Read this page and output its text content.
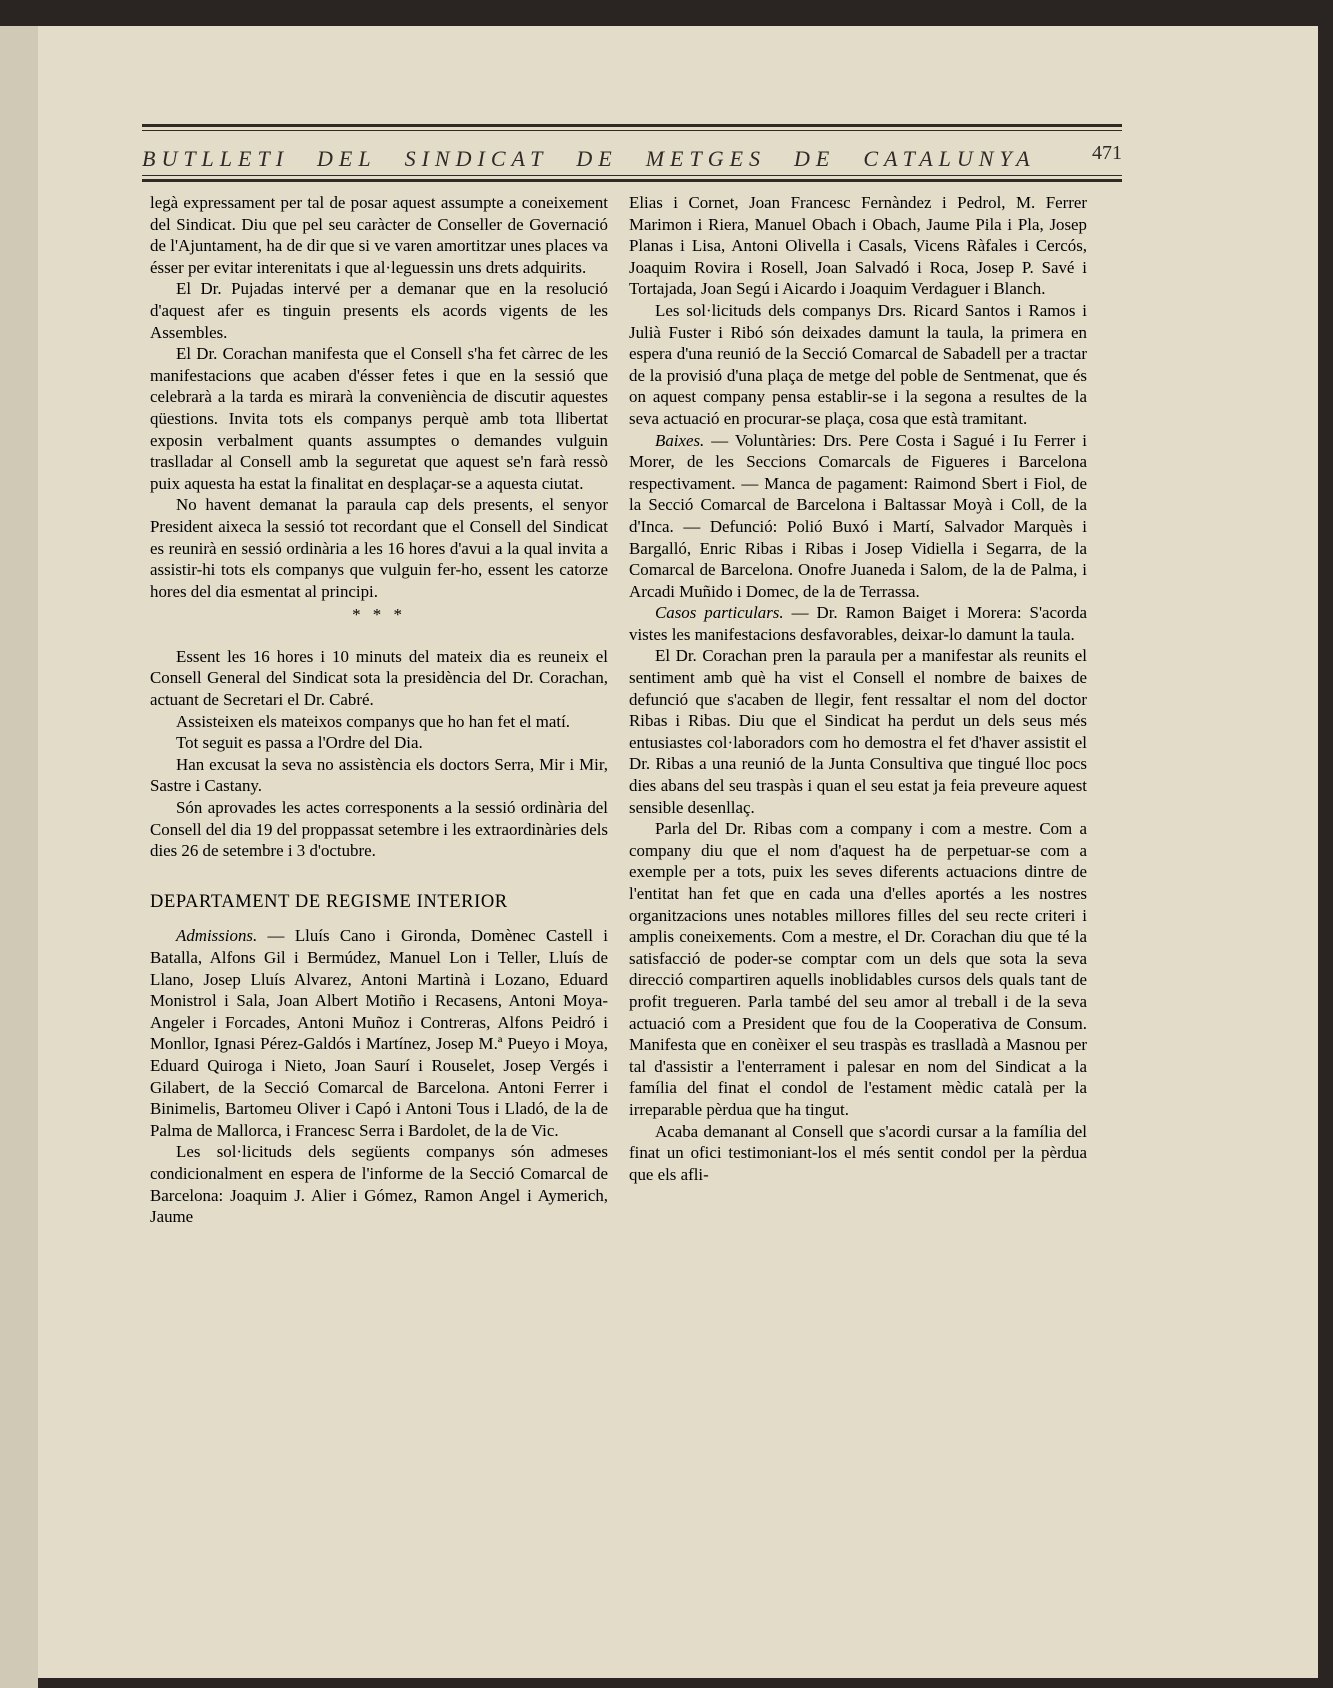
BUTLLETI DEL SINDICAT DE METGES DE CATALUNYA	471

legà expressament per tal de posar aquest assumpte a coneixement del Sindicat. Diu que pel seu caràcter de Conseller de Governació de l'Ajuntament, ha de dir que si ve varen amortitzar unes places va ésser per evitar interenitats i que al·leguessin uns drets adquirits.

El Dr. Pujadas intervé per a demanar que en la resolució d'aquest afer es tinguin presents els acords vigents de les Assembles.

El Dr. Corachan manifesta que el Consell s'ha fet càrrec de les manifestacions que acaben d'ésser fetes i que en la sessió que celebrarà a la tarda es mirarà la conveniència de discutir aquestes qüestions. Invita tots els companys perquè amb tota llibertat exposin verbalment quants assumptes o demandes vulguin traslladar al Consell amb la seguretat que aquest se'n farà ressò puix aquesta ha estat la finalitat en desplaçar-se a aquesta ciutat.

No havent demanat la paraula cap dels presents, el senyor President aixeca la sessió tot recordant que el Consell del Sindicat es reunirà en sessió ordinària a les 16 hores d'avui a la qual invita a assistir-hi tots els companys que vulguin fer-ho, essent les catorze hores del dia esmentat al principi.

* * *

Essent les 16 hores i 10 minuts del mateix dia es reuneix el Consell General del Sindicat sota la presidència del Dr. Corachan, actuant de Secretari el Dr. Cabré.

Assisteixen els mateixos companys que ho han fet el matí.

Tot seguit es passa a l'Ordre del Dia.

Han excusat la seva no assistència els doctors Serra, Mir i Mir, Sastre i Castany.

Són aprovades les actes corresponents a la sessió ordinària del Consell del dia 19 del proppassat setembre i les extraordinàries dels dies 26 de setembre i 3 d'octubre.

DEPARTAMENT DE REGISME INTERIOR

Admissions. — Lluís Cano i Gironda, Domènec Castell i Batalla, Alfons Gil i Bermúdez, Manuel Lon i Teller, Lluís de Llano, Josep Lluís Alvarez, Antoni Martinà i Lozano, Eduard Monistrol i Sala, Joan Albert Motiño i Recasens, Antoni Moya-Angeler i Forcades, Antoni Muñoz i Contreras, Alfons Peidró i Monllor, Ignasi Pérez-Galdós i Martínez, Josep M.ª Pueyo i Moya, Eduard Quiroga i Nieto, Joan Saurí i Rouselet, Josep Vergés i Gilabert, de la Secció Comarcal de Barcelona. Antoni Ferrer i Binimelis, Bartomeu Oliver i Capó i Antoni Tous i Lladó, de la de Palma de Mallorca, i Francesc Serra i Bardolet, de la de Vic.

Les sol·licituds dels següents companys són admeses condicionalment en espera de l'informe de la Secció Comarcal de Barcelona: Joaquim J. Alier i Gómez, Ramon Angel i Aymerich, Jaume

Elias i Cornet, Joan Francesc Fernàndez i Pedrol, M. Ferrer Marimon i Riera, Manuel Obach i Obach, Jaume Pila i Pla, Josep Planas i Lisa, Antoni Olivella i Casals, Vicens Ràfales i Cercós, Joaquim Rovira i Rosell, Joan Salvadó i Roca, Josep P. Savé i Tortajada, Joan Segú i Aicardo i Joaquim Verdaguer i Blanch.

Les sol·licituds dels companys Drs. Ricard Santos i Ramos i Julià Fuster i Ribó són deixades damunt la taula, la primera en espera d'una reunió de la Secció Comarcal de Sabadell per a tractar de la provisió d'una plaça de metge del poble de Sentmenat, que és on aquest company pensa establir-se i la segona a resultes de la seva actuació en procurar-se plaça, cosa que està tramitant.

Baixes. — Voluntàries: Drs. Pere Costa i Sagué i Iu Ferrer i Morer, de les Seccions Comarcals de Figueres i Barcelona respectivament. — Manca de pagament: Raimond Sbert i Fiol, de la Secció Comarcal de Barcelona i Baltassar Moyà i Coll, de la d'Inca. — Defunció: Polió Buxó i Martí, Salvador Marquès i Bargalló, Enric Ribas i Ribas i Josep Vidiella i Segarra, de la Comarcal de Barcelona. Onofre Juaneda i Salom, de la de Palma, i Arcadi Muñido i Domec, de la de Terrassa.

Casos particulars. — Dr. Ramon Baiget i Morera: S'acorda vistes les manifestacions desfavorables, deixar-lo damunt la taula.

El Dr. Corachan pren la paraula per a manifestar als reunits el sentiment amb què ha vist el Consell el nombre de baixes de defunció que s'acaben de llegir, fent ressaltar el nom del doctor Ribas i Ribas. Diu que el Sindicat ha perdut un dels seus més entusiastes col·laboradors com ho demostra el fet d'haver assistit el Dr. Ribas a una reunió de la Junta Consultiva que tingué lloc pocs dies abans del seu traspàs i quan el seu estat ja feia preveure aquest sensible desenllaç.

Parla del Dr. Ribas com a company i com a mestre. Com a company diu que el nom d'aquest ha de perpetuar-se com a exemple per a tots, puix les seves diferents actuacions dintre de l'entitat han fet que en cada una d'elles aportés a les nostres organitzacions unes notables millores filles del seu recte criteri i amplis coneixements. Com a mestre, el Dr. Corachan diu que té la satisfacció de poder-se comptar com un dels que sota la seva direcció compartiren aquells inoblidables cursos dels quals tant de profit tregueren. Parla també del seu amor al treball i de la seva actuació com a President que fou de la Cooperativa de Consum. Manifesta que en conèixer el seu traspàs es traslladà a Masnou per tal d'assistir a l'enterrament i palesar en nom del Sindicat a la família del finat el condol de l'estament mèdic català per la irreparable pèrdua que ha tingut.

Acaba demanant al Consell que s'acordi cursar a la família del finat un ofici testimoniant-los el més sentit condol per la pèrdua que els afli-
